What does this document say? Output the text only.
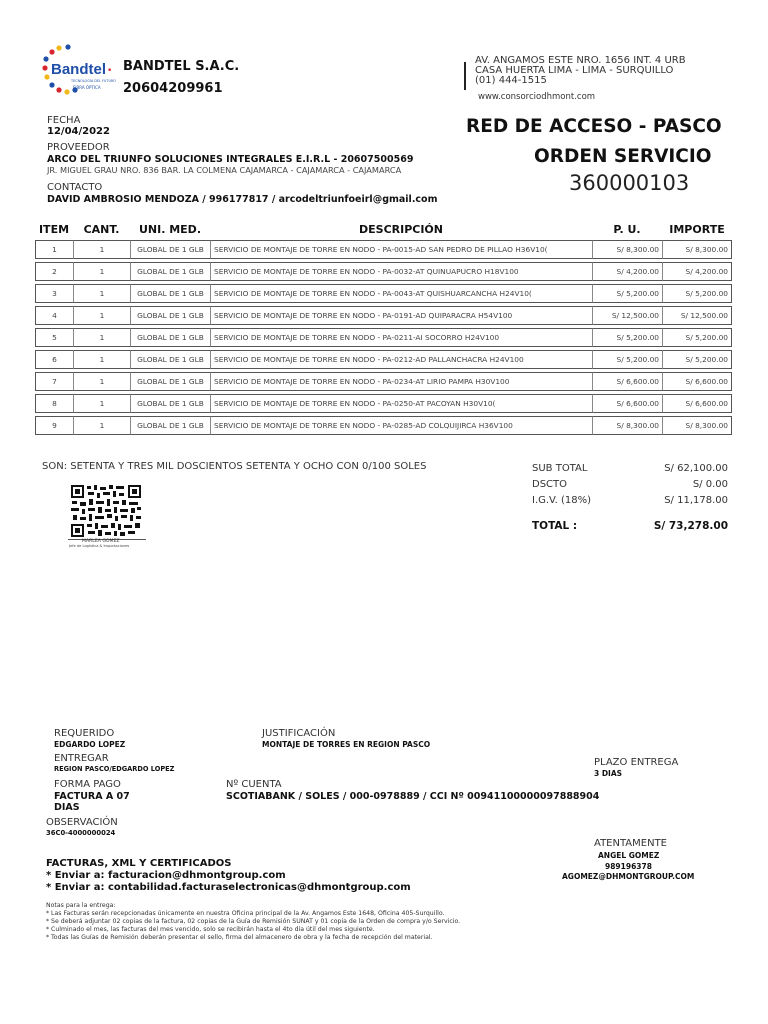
Bandtel •
TECNOLOGÍA DEL FUTURO
FIBRA ÓPTICA
BANDTEL S.A.C.
20604209961
AV. ANGAMOS ESTE NRO. 1656 INT. 4 URB
CASA HUERTA LIMA - LIMA - SURQUILLO
(01) 444-1515
www.consorciodhmont.com
FECHA
12/04/2022
PROVEEDOR
ARCO DEL TRIUNFO SOLUCIONES INTEGRALES E.I.R.L - 20607500569
JR. MIGUEL GRAU NRO. 836 BAR. LA COLMENA CAJAMARCA - CAJAMARCA - CAJAMARCA
CONTACTO
DAVID AMBROSIO MENDOZA / 996177817 / arcodeltriunfoeirl@gmail.com
RED DE ACCESO - PASCO
ORDEN SERVICIO
360000103
ITEM	CANT.	UNI. MED.	DESCRIPCIÓN	P. U.	IMPORTE
1	1	GLOBAL DE 1 GLB	SERVICIO DE MONTAJE DE TORRE EN NODO - PA-0015-AD SAN PEDRO DE PILLAO H36V10(	S/ 8,300.00	S/ 8,300.00
2	1	GLOBAL DE 1 GLB	SERVICIO DE MONTAJE DE TORRE EN NODO - PA-0032-AT QUINUAPUCRO H18V100	S/ 4,200.00	S/ 4,200.00
3	1	GLOBAL DE 1 GLB	SERVICIO DE MONTAJE DE TORRE EN NODO - PA-0043-AT QUISHUARCANCHA H24V10(	S/ 5,200.00	S/ 5,200.00
4	1	GLOBAL DE 1 GLB	SERVICIO DE MONTAJE DE TORRE EN NODO - PA-0191-AD QUIPARACRA H54V100	S/ 12,500.00	S/ 12,500.00
5	1	GLOBAL DE 1 GLB	SERVICIO DE MONTAJE DE TORRE EN NODO - PA-0211-AI SOCORRO H24V100	S/ 5,200.00	S/ 5,200.00
6	1	GLOBAL DE 1 GLB	SERVICIO DE MONTAJE DE TORRE EN NODO - PA-0212-AD PALLANCHACRA H24V100	S/ 5,200.00	S/ 5,200.00
7	1	GLOBAL DE 1 GLB	SERVICIO DE MONTAJE DE TORRE EN NODO - PA-0234-AT LIRIO PAMPA H30V100	S/ 6,600.00	S/ 6,600.00
8	1	GLOBAL DE 1 GLB	SERVICIO DE MONTAJE DE TORRE EN NODO - PA-0250-AT PACOYAN H30V10(	S/ 6,600.00	S/ 6,600.00
9	1	GLOBAL DE 1 GLB	SERVICIO DE MONTAJE DE TORRE EN NODO - PA-0285-AD COLQUIJIRCA H36V100	S/ 8,300.00	S/ 8,300.00
SON: SETENTA Y TRES MIL DOSCIENTOS SETENTA Y OCHO CON 0/100 SOLES
MARLEA GOMEZ
Jefe de Logística & Importaciones
SUB TOTAL	S/ 62,100.00
DSCTO	S/ 0.00
I.G.V. (18%)	S/ 11,178.00
TOTAL :	S/ 73,278.00
REQUERIDO
EDGARDO LOPEZ
JUSTIFICACIÓN
MONTAJE DE TORRES EN REGION PASCO
ENTREGAR
REGION PASCO/EDGARDO LOPEZ
PLAZO ENTREGA
3 DIAS
FORMA PAGO
FACTURA A 07
DIAS
Nº CUENTA
SCOTIABANK / SOLES / 000-0978889 / CCI Nº 00941100000097888904
OBSERVACIÓN
36C0-4000000024
FACTURAS, XML Y CERTIFICADOS
* Enviar a: facturacion@dhmontgroup.com
* Enviar a: contabilidad.facturaselectronicas@dhmontgroup.com
ATENTAMENTE
ANGEL GOMEZ
989196378
AGOMEZ@DHMONTGROUP.COM
Notas para la entrega:
* Las Facturas serán recepcionadas únicamente en nuestra Oficina principal de la Av. Angamos Este 1648, Oficina 405-Surquillo.
* Se deberá adjuntar 02 copias de la factura, 02 copias de la Guía de Remisión SUNAT y 01 copia de la Orden de compra y/o Servicio.
* Culminado el mes, las facturas del mes vencido, solo se recibirán hasta el 4to día útil del mes siguiente.
* Todas las Guías de Remisión deberán presentar el sello, firma del almacenero de obra y la fecha de recepción del material.
